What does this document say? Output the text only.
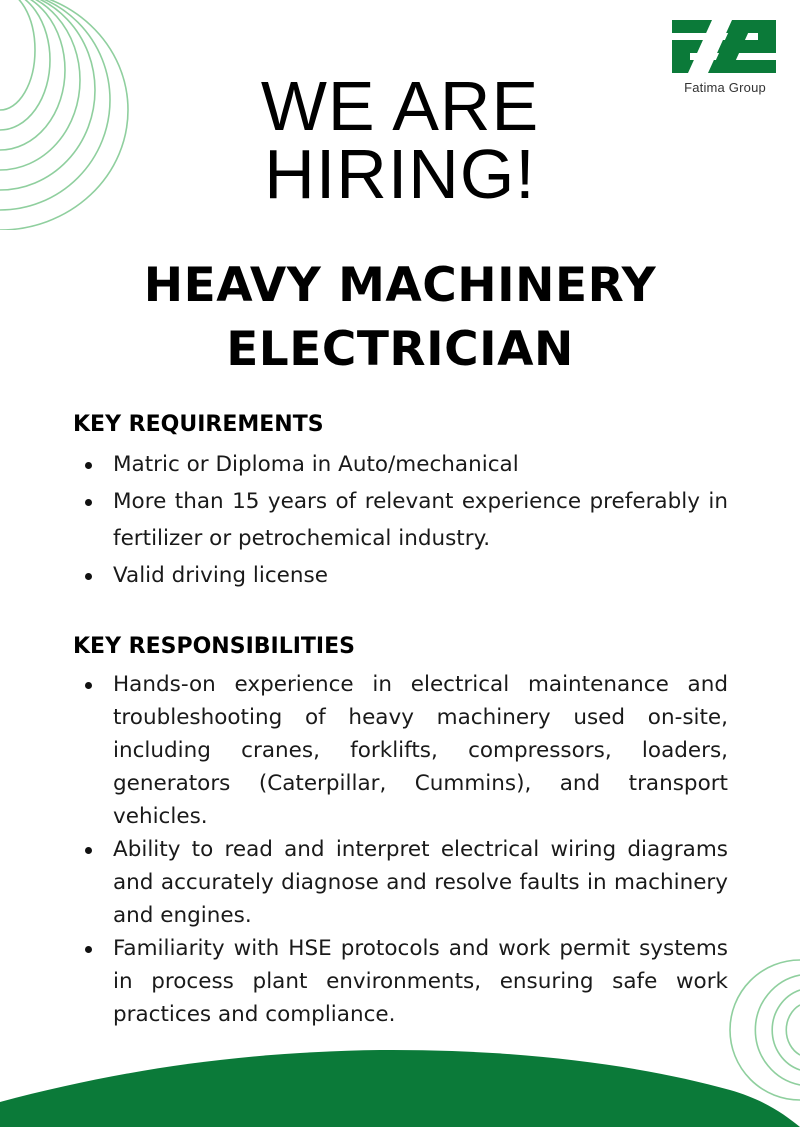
Fatima Group
WE ARE
HIRING!
HEAVY MACHINERY
ELECTRICIAN
KEY REQUIREMENTS
Matric or Diploma in Auto/mechanical
More than 15 years of relevant experience preferably in fertilizer or petrochemical industry.
Valid driving license
KEY RESPONSIBILITIES
Hands-on experience in electrical maintenance and troubleshooting of heavy machinery used on-site, including cranes, forklifts, compressors, loaders, generators (Caterpillar, Cummins), and transport vehicles.
Ability to read and interpret electrical wiring diagrams and accurately diagnose and resolve faults in machinery and engines.
Familiarity with HSE protocols and work permit systems in process plant environments, ensuring safe work practices and compliance.
